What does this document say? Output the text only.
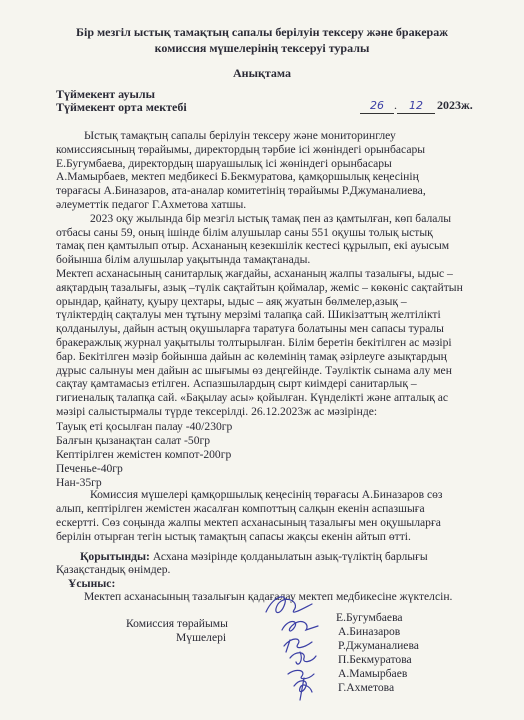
Бір мезгіл ыстық тамақтың сапалы берілуін тексеру және бракераж
комиссия мүшелерінің тексеруі туралы
Анықтама
Түймекент ауылы
Түймекент орта мектебі	26 . 12 2023ж.
Ыстық тамақтың сапалы берілуін тексеру және мониторинглеу
комиссиясының төрайымы, директордың тәрбие ісі жөніндегі орынбасары
Е.Бугумбаева, директордың шаруашылық ісі жөніндегі орынбасары
А.Мамырбаев, мектеп медбикесі Б.Бекмуратова, қамқоршылық кеңесінің
төрағасы А.Биназаров, ата-аналар комитетінің төрайымы Р.Джуманалиева,
әлеуметтік педагог Г.Ахметова хатшы.
2023 оқу жылында бір мезгіл ыстық тамақ пен аз қамтылған, көп балалы
отбасы саны 59, оның ішінде білім алушылар саны 551 оқушы толық ыстық
тамақ пен қамтылып отыр. Асхананың кезекшілік кестесі құрылып, екі ауысым
бойынша білім алушылар уақытында тамақтанады.
Мектеп асханасының санитарлық жағдайы, асхананың жалпы тазалығы, ыдыс –
аяқтардың тазалығы, азық –түлік сақтайтын қоймалар, жеміс – көкөніс сақтайтын
орындар, қайнату, қуыру цехтары, ыдыс – аяқ жуатын бөлмелер,азық –
түліктердің сақталуы мен тұтыну мерзімі талапқа сай. Шикізаттың желтілікті
қолданылуы, дайын астың оқушыларға таратуға болатыны мен сапасы туралы
бракеражлық журнал уақытылы толтырылған. Білім беретін бекітілген ас мәзірі
бар. Бекітілген мәзір бойынша дайын ас көлемінің тамақ әзірлеуге азықтардың
дұрыс салынуы мен дайын ас шығымы өз деңгейінде. Тәуліктік сынама алу мен
сақтау қамтамасыз етілген. Аспазшылардың сырт киімдері санитарлық –
гигиеналық талапқа сай. «Бақылау асы» қойылған. Күнделікті және апталық ас
мәзірі салыстырмалы түрде тексерілді. 26.12.2023ж ас мәзірінде:
Тауық еті қосылған палау -40/230гр
Балғын қызанақтан салат -50гр
Кептірілген жемістен компот-200гр
Печенье-40гр
Нан-35гр
Комиссия мүшелері қамқоршылық кеңесінің төрағасы А.Биназаров сөз
алып, кептірілген жемістен жасалған компоттың салқын екенін аспазшыға
ескертті. Сөз соңында жалпы мектеп асханасының тазалығы мен оқушыларға
берілін отырған тегін ыстық тамақтың сапасы жақсы екенін айтып өтті.
Қорытынды: Асхана мәзірінде қолданылатын азық-түліктің барлығы
Қазақстандық өнімдер.
Ұсыныс:
Мектеп асханасының тазалығын қадағалау мектеп медбикесіне жүктелсін.
Комиссия төрайымы
Мүшелері
Е.Бугумбаева
А.Биназаров
Р.Джуманалиева
П.Бекмуратова
А.Мамырбаев
Г.Ахметова
